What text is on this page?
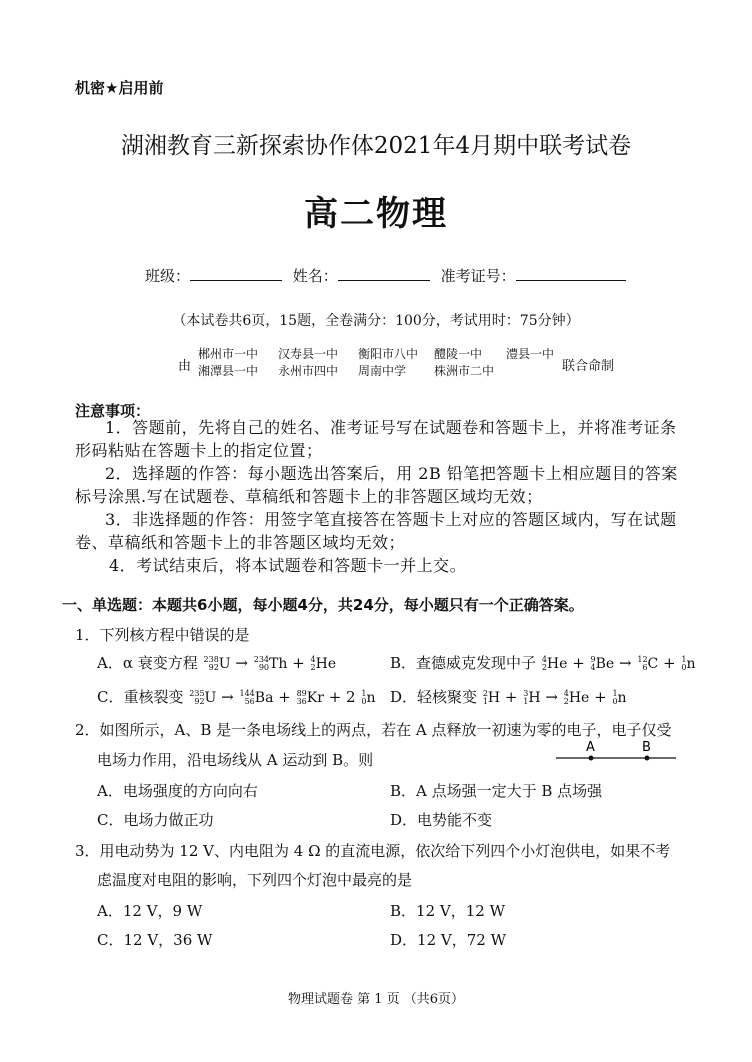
机密★启用前
湖湘教育三新探索协作体2021年4月期中联考试卷
高二物理
班级：	姓名：	准考证号：
（本试卷共6页，15题，全卷满分：100分，考试用时：75分钟）
由
郴州市一中 汉寿县一中 衡阳市八中 醴陵一中 澧县一中
湘潭县一中 永州市四中 周南中学 株洲市二中	联合命制
注意事项：
1．答题前，先将自己的姓名、准考证号写在试题卷和答题卡上，并将准考证条形码粘贴在答题卡上的指定位置；
2．选择题的作答：每小题选出答案后，用 2B 铅笔把答题卡上相应题目的答案标号涂黑.写在试题卷、草稿纸和答题卡上的非答题区域均无效；
3．非选择题的作答：用签字笔直接答在答题卡上对应的答题区域内，写在试题卷、草稿纸和答题卡上的非答题区域均无效；
4．考试结束后，将本试题卷和答题卡一并上交。
一、单选题：本题共6小题，每小题4分，共24分，每小题只有一个正确答案。
1．下列核方程中错误的是
A．α 衰变方程 238
92U → 234
90Th + 4
2He	B．查德威克发现中子 4
2He + 9
4Be → 12
6C + 1
0n
C．重核裂变 235
92U → 144
56Ba + 89
36Kr + 2 1
0n D．轻核聚变 2
1H + 3
1H → 4
2He + 1
0n
2．如图所示，A、B 是一条电场线上的两点，若在 A 点释放一初速为零的电子，电子仅受
电场力作用，沿电场线从 A 运动到 B。则
A	B
A．电场强度的方向向右	B．A 点场强一定大于 B 点场强
C．电场力做正功	D．电势能不变
3．用电动势为 12 V、内电阻为 4 Ω 的直流电源，依次给下列四个小灯泡供电，如果不考
虑温度对电阻的影响，下列四个灯泡中最亮的是
A．12 V，9 W	B．12 V，12 W
C．12 V，36 W	D．12 V，72 W
物理试题卷 第 1 页 （共6页）
